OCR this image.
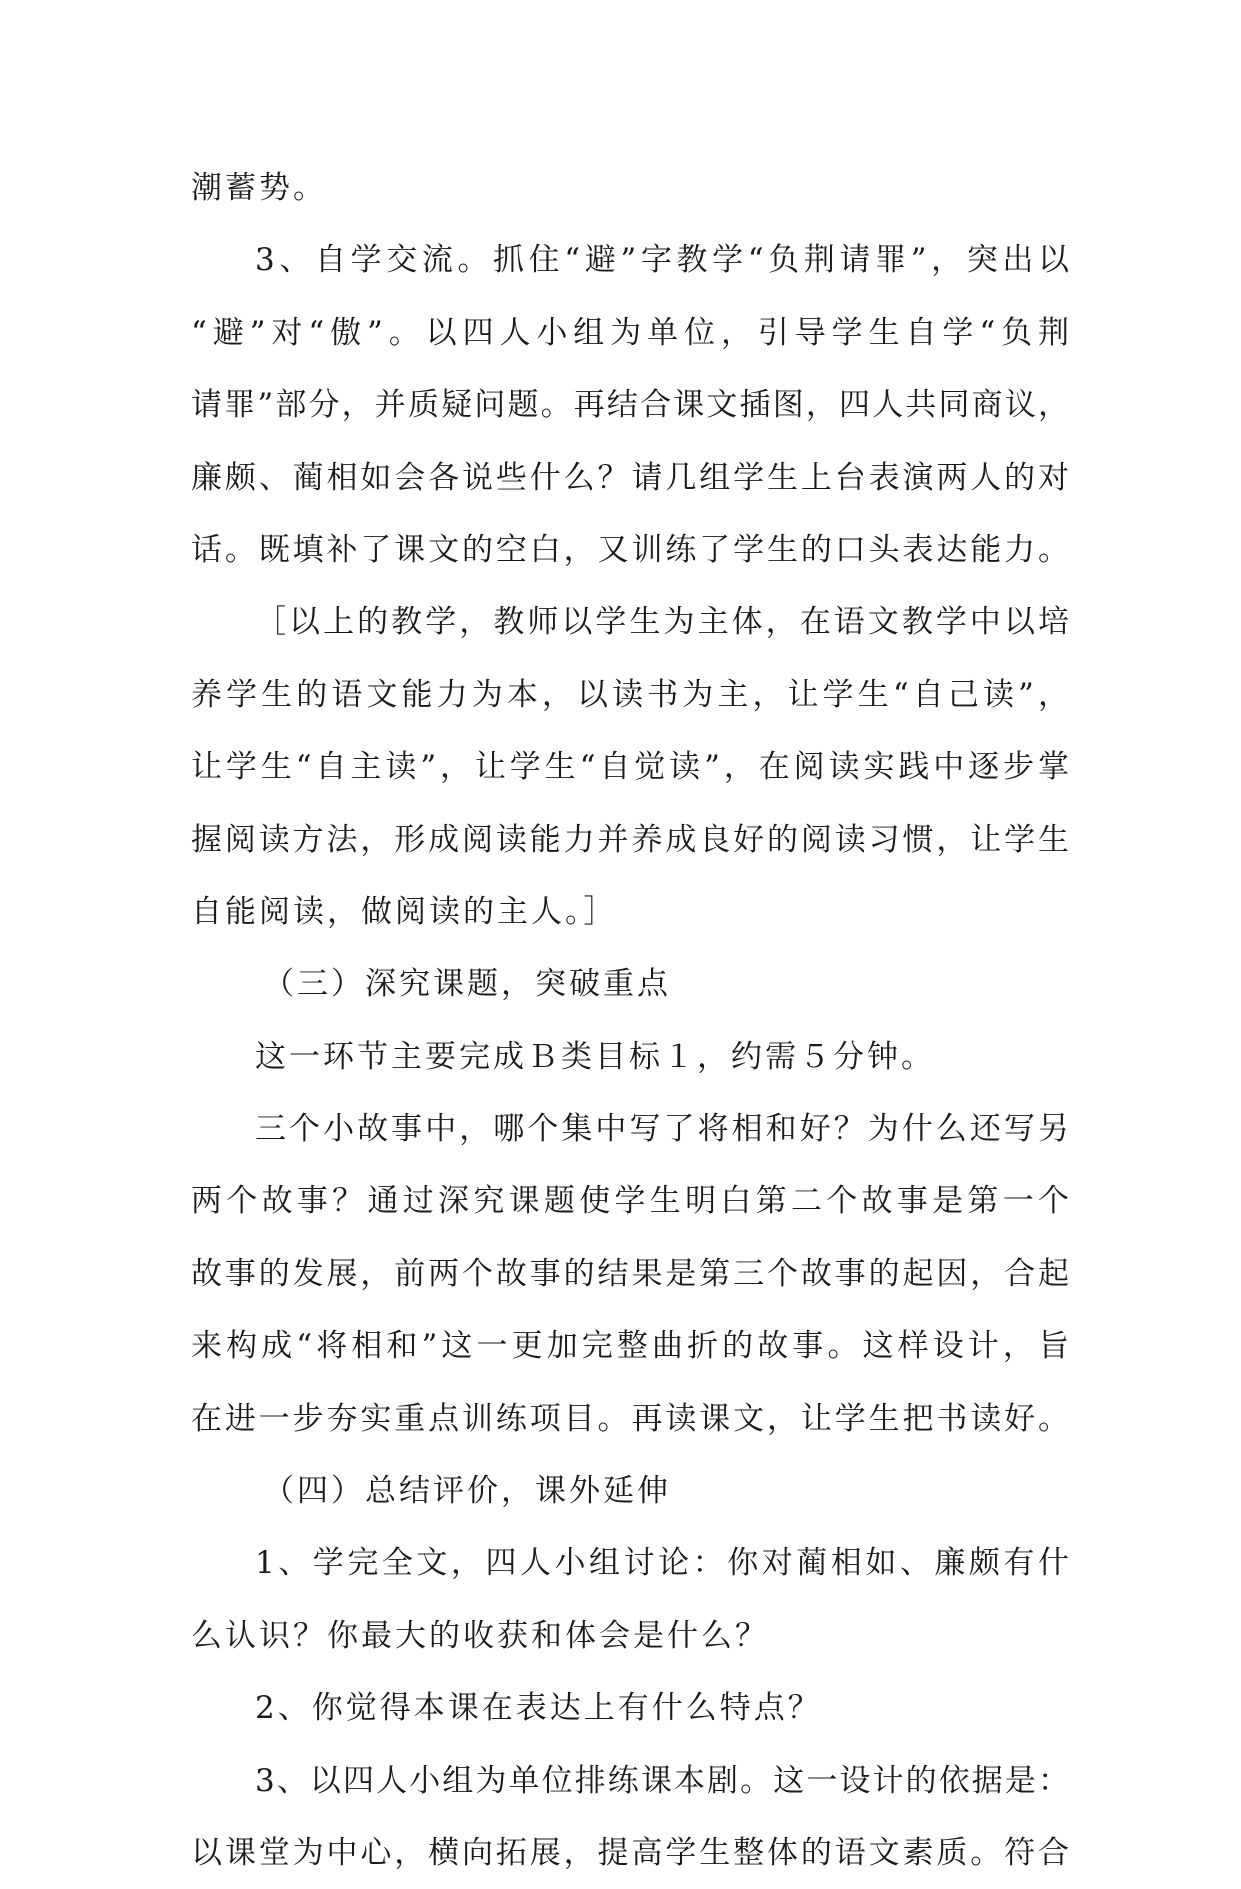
潮蓄势。
3、自学交流。抓住“避”字教学“负荆请罪”，突出以
“避”对“傲”。以四人小组为单位，引导学生自学“负荆
请罪”部分，并质疑问题。再结合课文插图，四人共同商议，
廉颇、蔺相如会各说些什么？请几组学生上台表演两人的对
话。既填补了课文的空白，又训练了学生的口头表达能力。
［以上的教学，教师以学生为主体，在语文教学中以培
养学生的语文能力为本，以读书为主，让学生“自己读”，
让学生“自主读”，让学生“自觉读”，在阅读实践中逐步掌
握阅读方法，形成阅读能力并养成良好的阅读习惯，让学生
自能阅读，做阅读的主人。］
（三）深究课题，突破重点
这一环节主要完成Ｂ类目标１，约需５分钟。
三个小故事中，哪个集中写了将相和好？为什么还写另
两个故事？通过深究课题使学生明白第二个故事是第一个
故事的发展，前两个故事的结果是第三个故事的起因，合起
来构成“将相和”这一更加完整曲折的故事。这样设计，旨
在进一步夯实重点训练项目。再读课文，让学生把书读好。
（四）总结评价，课外延伸
1、学完全文，四人小组讨论：你对蔺相如、廉颇有什
么认识？你最大的收获和体会是什么？
2、你觉得本课在表达上有什么特点？
3、以四人小组为单位排练课本剧。这一设计的依据是：
以课堂为中心，横向拓展，提高学生整体的语文素质。符合
